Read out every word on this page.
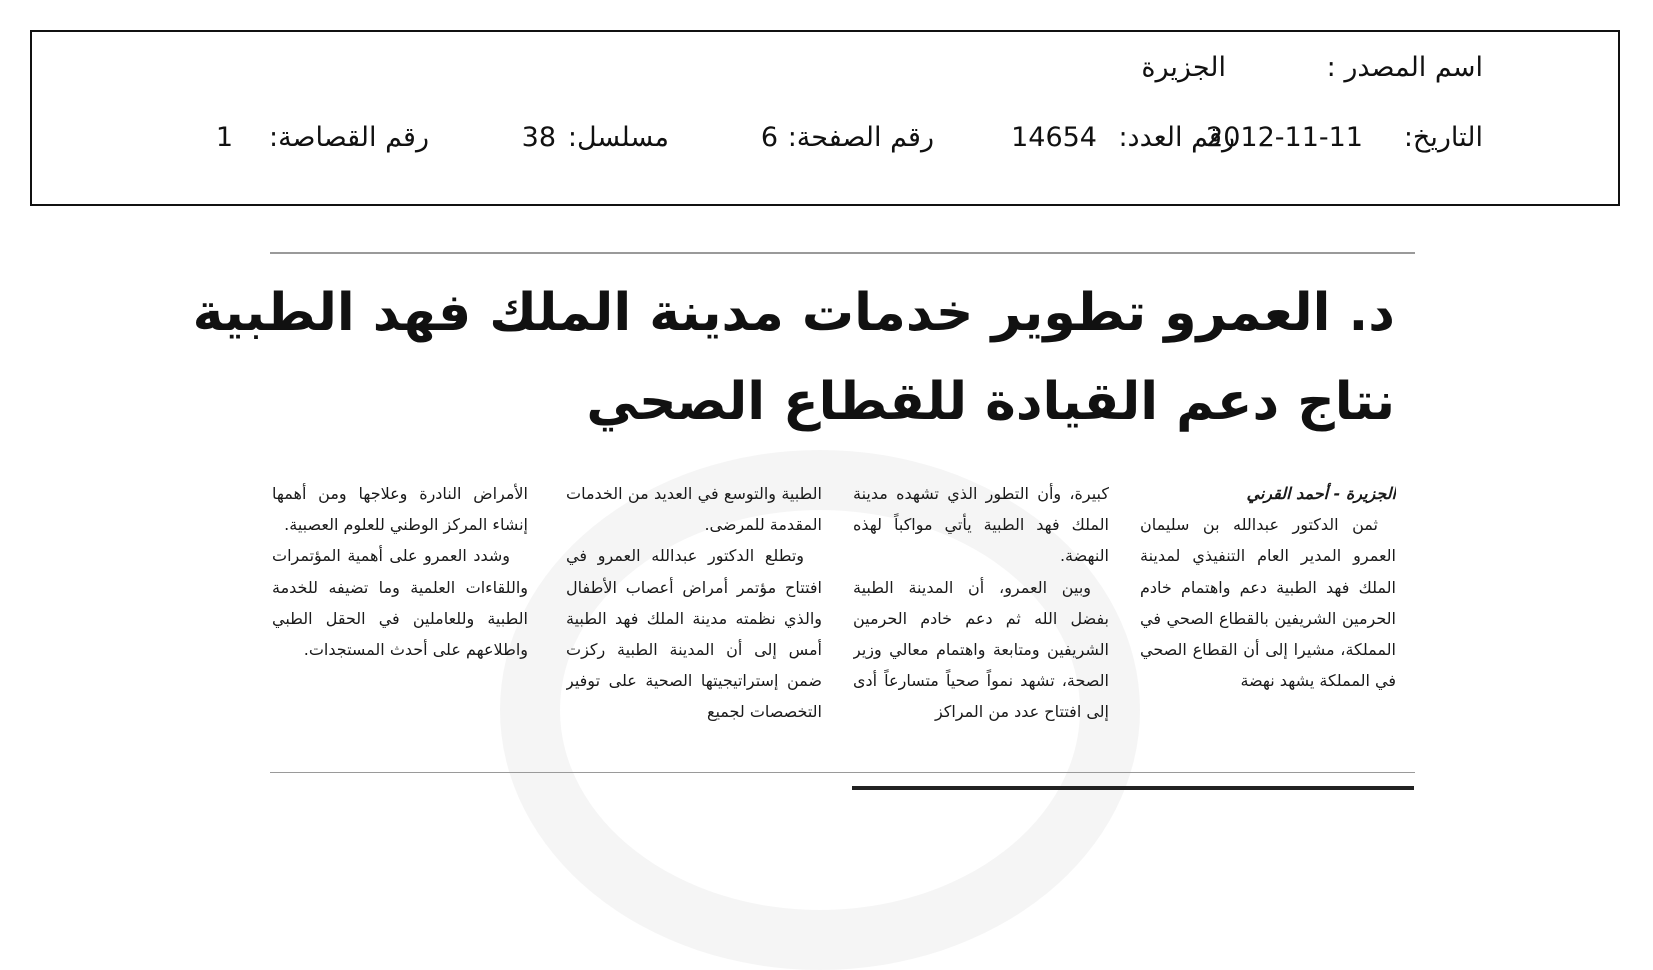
اسم المصدر :
الجزيرة
التاريخ:
2012-11-11
رقم العدد:
14654
رقم الصفحة:
6
مسلسل:
38
رقم القصاصة:
1
د. العمرو تطوير خدمات مدينة الملك فهد الطبية
نتاج دعم القيادة للقطاع الصحي
الجزيرة - أحمد القرني
ثمن الدكتور عبدالله بن سليمان العمرو المدير العام التنفيذي لمدينة الملك فهد الطبية دعم واهتمام خادم الحرمين الشريفين بالقطاع الصحي في المملكة، مشيرا إلى أن القطاع الصحي في المملكة يشهد نهضة
كبيرة، وأن التطور الذي تشهده مدينة الملك فهد الطبية يأتي مواكباً لهذه النهضة.
وبين العمرو، أن المدينة الطبية بفضل الله ثم دعم خادم الحرمين الشريفين ومتابعة واهتمام معالي وزير الصحة، تشهد نمواً صحياً متسارعاً أدى إلى افتتاح عدد من المراكز
الطبية والتوسع في العديد من الخدمات المقدمة للمرضى.
وتطلع الدكتور عبدالله العمرو في افتتاح مؤتمر أمراض أعصاب الأطفال والذي نظمته مدينة الملك فهد الطبية أمس إلى أن المدينة الطبية ركزت ضمن إستراتيجيتها الصحية على توفير التخصصات لجميع
الأمراض النادرة وعلاجها ومن أهمها إنشاء المركز الوطني للعلوم العصبية.
وشدد العمرو على أهمية المؤتمرات واللقاءات العلمية وما تضيفه للخدمة الطبية وللعاملين في الحقل الطبي واطلاعهم على أحدث المستجدات.
